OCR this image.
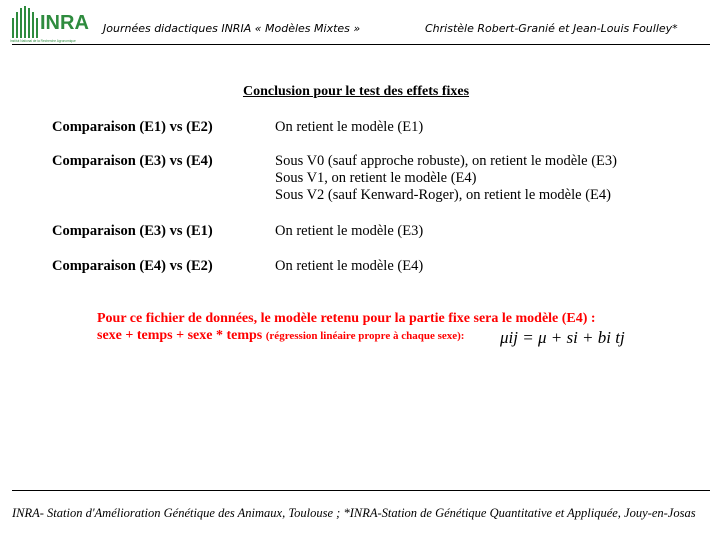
INRA
Institut National de la Recherche Agronomique
Journées didactiques INRIA « Modèles Mixtes »	Christèle Robert-Granié et Jean-Louis Foulley*
Conclusion pour le test des effets fixes
Comparaison (E1) vs (E2)	On retient le modèle (E1)
Comparaison (E3) vs (E4)	Sous V0 (sauf approche robuste), on retient le modèle (E3)
Sous V1, on retient le modèle (E4)
Sous V2 (sauf Kenward-Roger), on retient le modèle (E4)
Comparaison (E3) vs (E1)	On retient le modèle (E3)
Comparaison (E4) vs (E2)	On retient le modèle (E4)
Pour ce fichier de données, le modèle retenu pour la partie fixe sera le modèle (E4) :
sexe + temps + sexe * temps (régression linéaire propre à chaque sexe):	μij = μ + si + bi tj
INRA- Station d'Amélioration Génétique des Animaux, Toulouse ; *INRA-Station de Génétique Quantitative et Appliquée, Jouy-en-Josas
